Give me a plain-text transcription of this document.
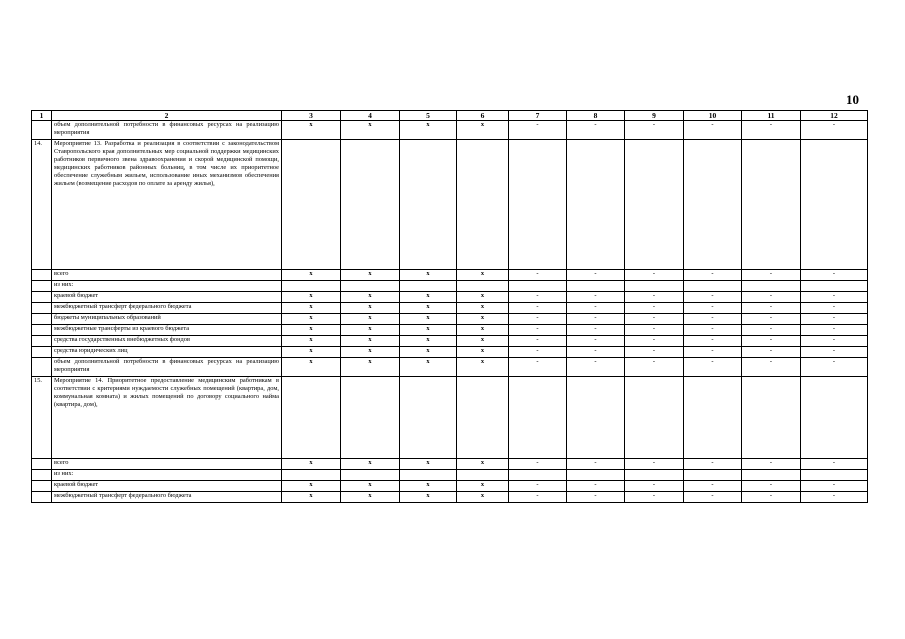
10
1	2	3	4	5	6	7	8	9	10	11	12
	объем дополнительной потребности в финансовых ресурсах на реализацию мероприятия	х	х	х	х	-	-	-	-	-	-
14.	Мероприятие 13. Разработка и реализация в соответствии с законодательством Ставропольского края дополнительных мер социальной поддержки медицинских работников первичного звена здравоохранения и скорой медицинской помощи, медицинских работников районных больниц, в том числе их приоритетное обеспечение служебным жильем, использование иных механизмов обеспечения жильем (возмещение расходов по оплате за аренду жилья),										
	всего	х	х	х	х	-	-	-	-	-	-
	из них:										
	краевой бюджет	х	х	х	х	-	-	-	-	-	-
	межбюджетный трансферт федерального бюджета	х	х	х	х	-	-	-	-	-	-
	бюджеты муниципальных образований	х	х	х	х	-	-	-	-	-	-
	межбюджетные трансферты из краевого бюджета	х	х	х	х	-	-	-	-	-	-
	средства государственных внебюджетных фондов	х	х	х	х	-	-	-	-	-	-
	средства юридических лиц	х	х	х	х	-	-	-	-	-	-
	объем дополнительной потребности в финансовых ресурсах на реализацию мероприятия	х	х	х	х	-	-	-	-	-	-
15.	Мероприятие 14. Приоритетное предоставление медицинским работникам в соответствии с критериями нуждаемости служебных помещений (квартира, дом, коммунальная комната) и жилых помещений по договору социального найма (квартира, дом),										
	всего	х	х	х	х	-	-	-	-	-	-
	из них:										
	краевой бюджет	х	х	х	х	-	-	-	-	-	-
	межбюджетный трансферт федерального бюджета	х	х	х	х	-	-	-	-	-	-
